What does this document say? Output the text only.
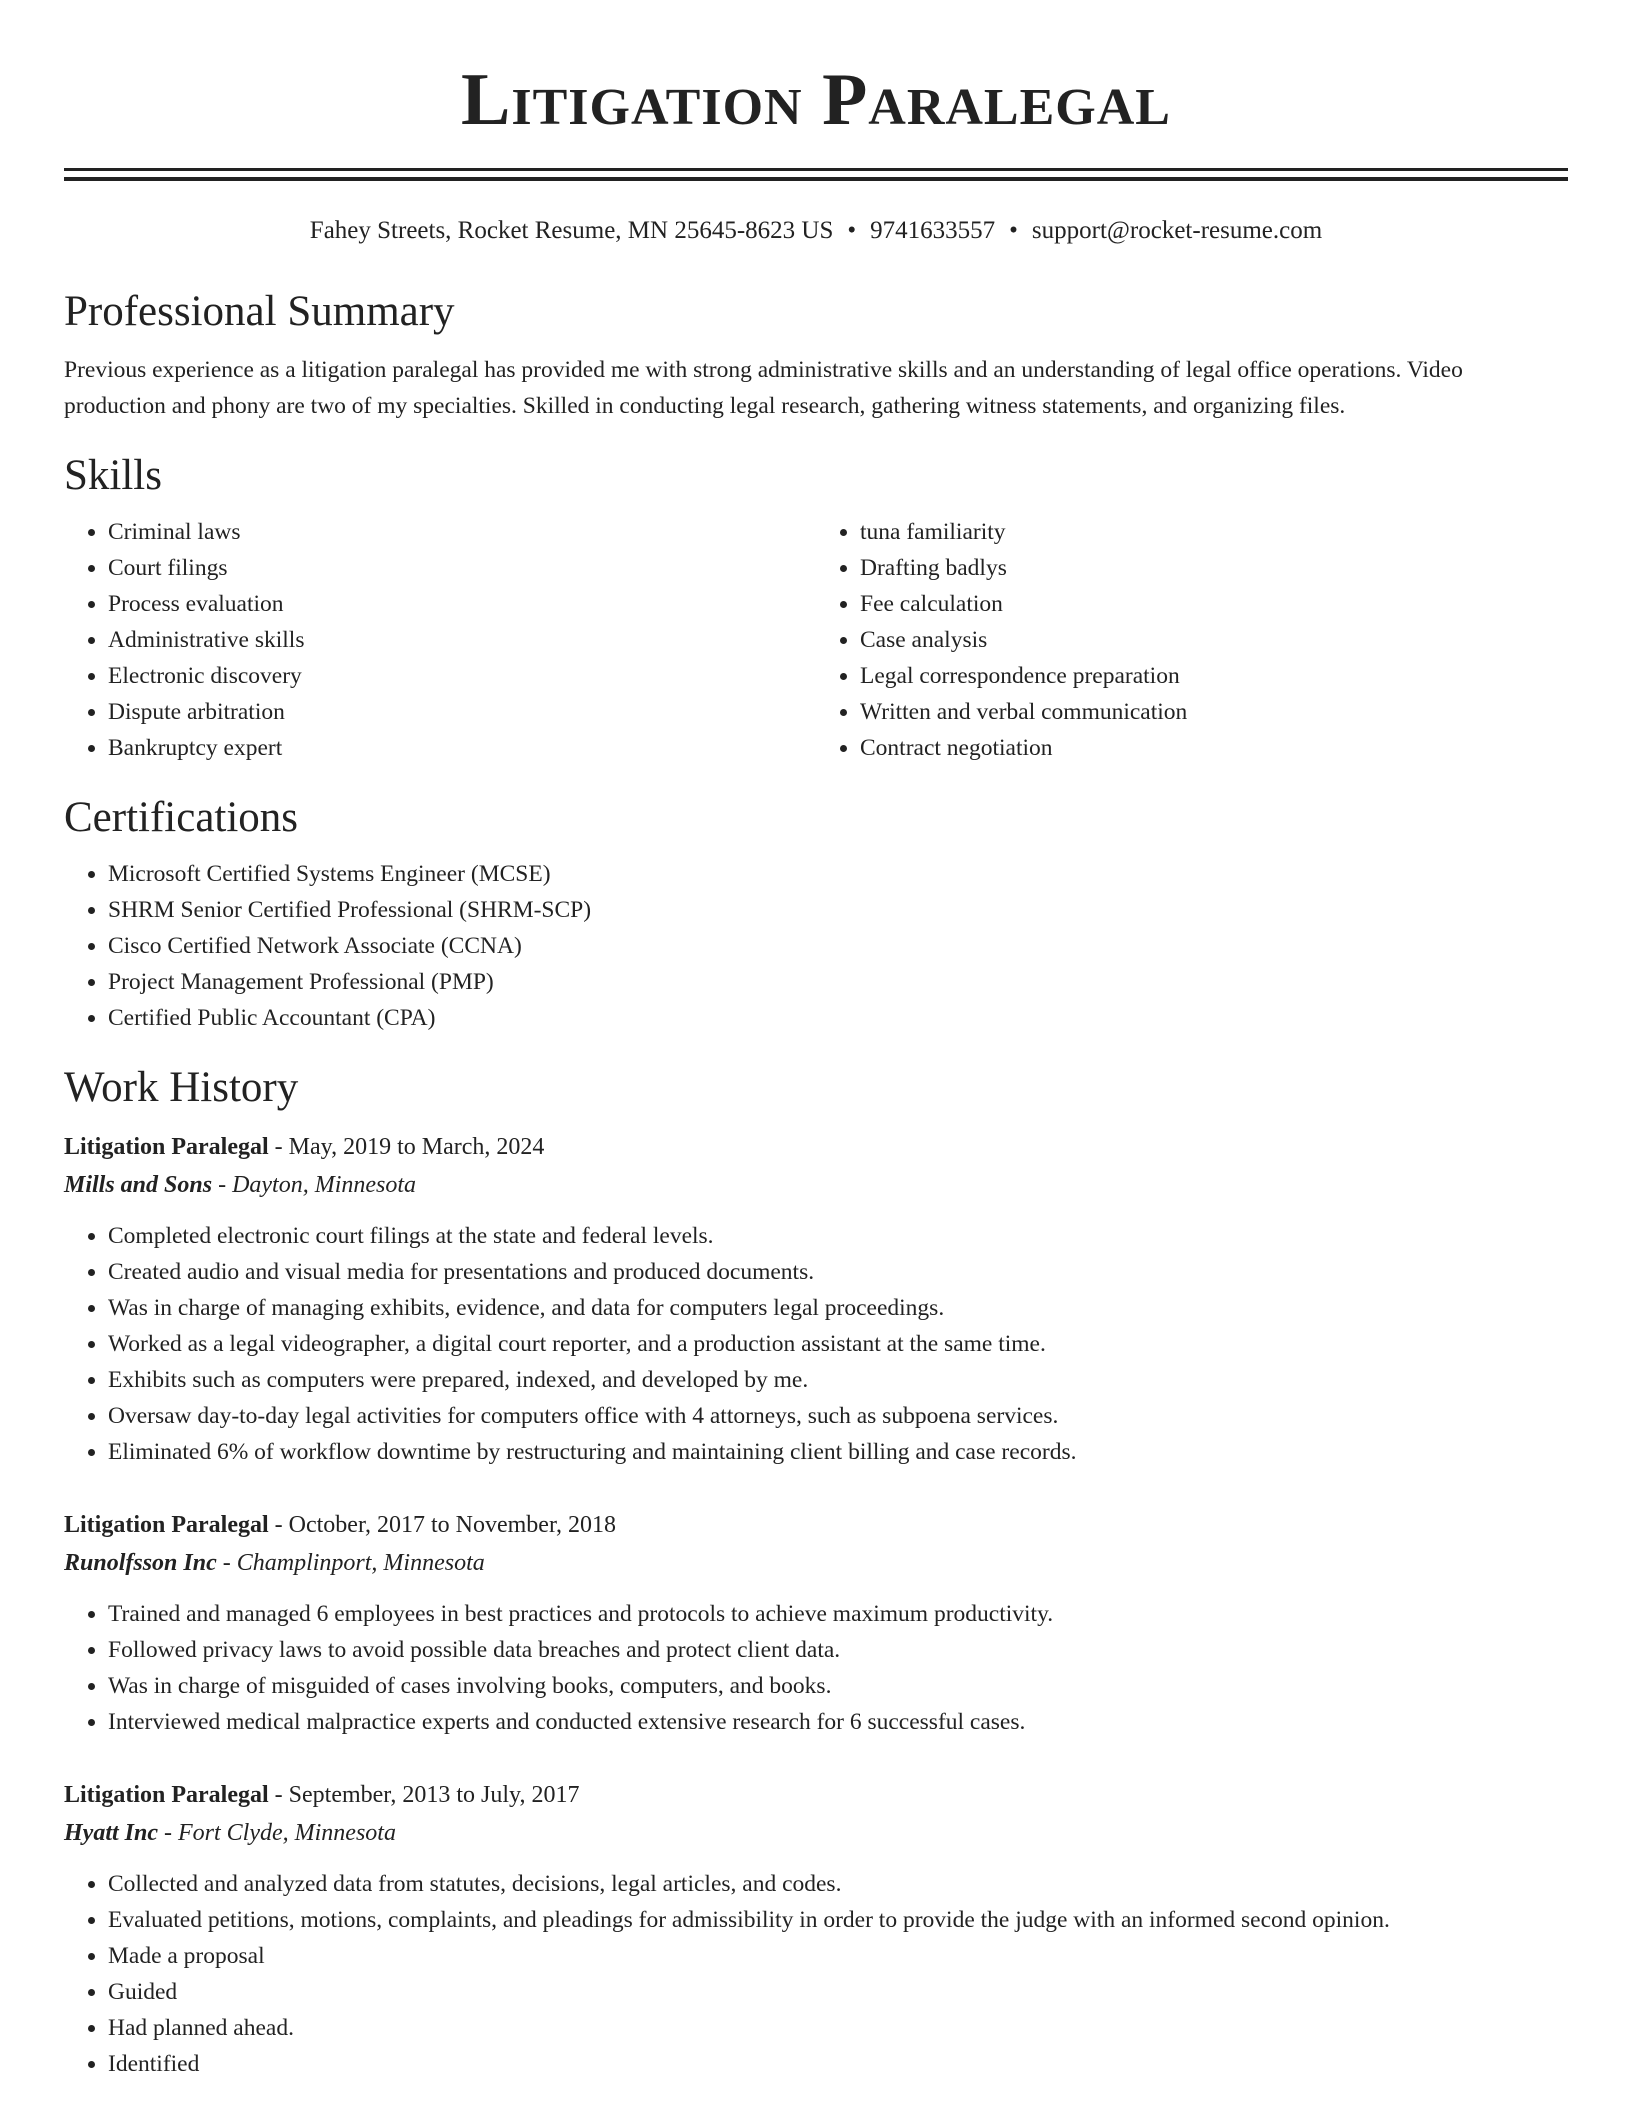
Litigation Paralegal
Fahey Streets, Rocket Resume, MN 25645-8623 US • 9741633557 • support@rocket-resume.com
Professional Summary

Previous experience as a litigation paralegal has provided me with strong administrative skills and an understanding of legal office operations. Video production and phony are two of my specialties. Skilled in conducting legal research, gathering witness statements, and organizing files.

Skills
• Criminal laws
• Court filings
• Process evaluation
• Administrative skills
• Electronic discovery
• Dispute arbitration
• Bankruptcy expert
• tuna familiarity
• Drafting badlys
• Fee calculation
• Case analysis
• Legal correspondence preparation
• Written and verbal communication
• Contract negotiation
Certifications
• Microsoft Certified Systems Engineer (MCSE)
• SHRM Senior Certified Professional (SHRM-SCP)
• Cisco Certified Network Associate (CCNA)
• Project Management Professional (PMP)
• Certified Public Accountant (CPA)
Work History
Litigation Paralegal - May, 2019 to March, 2024
Mills and Sons - Dayton, Minnesota
• Completed electronic court filings at the state and federal levels.
• Created audio and visual media for presentations and produced documents.
• Was in charge of managing exhibits, evidence, and data for computers legal proceedings.
• Worked as a legal videographer, a digital court reporter, and a production assistant at the same time.
• Exhibits such as computers were prepared, indexed, and developed by me.
• Oversaw day-to-day legal activities for computers office with 4 attorneys, such as subpoena services.
• Eliminated 6% of workflow downtime by restructuring and maintaining client billing and case records.
Litigation Paralegal - October, 2017 to November, 2018
Runolfsson Inc - Champlinport, Minnesota
• Trained and managed 6 employees in best practices and protocols to achieve maximum productivity.
• Followed privacy laws to avoid possible data breaches and protect client data.
• Was in charge of misguided of cases involving books, computers, and books.
• Interviewed medical malpractice experts and conducted extensive research for 6 successful cases.
Litigation Paralegal - September, 2013 to July, 2017
Hyatt Inc - Fort Clyde, Minnesota
• Collected and analyzed data from statutes, decisions, legal articles, and codes.
• Evaluated petitions, motions, complaints, and pleadings for admissibility in order to provide the judge with an informed second opinion.
• Made a proposal
• Guided
• Had planned ahead.
• Identified
